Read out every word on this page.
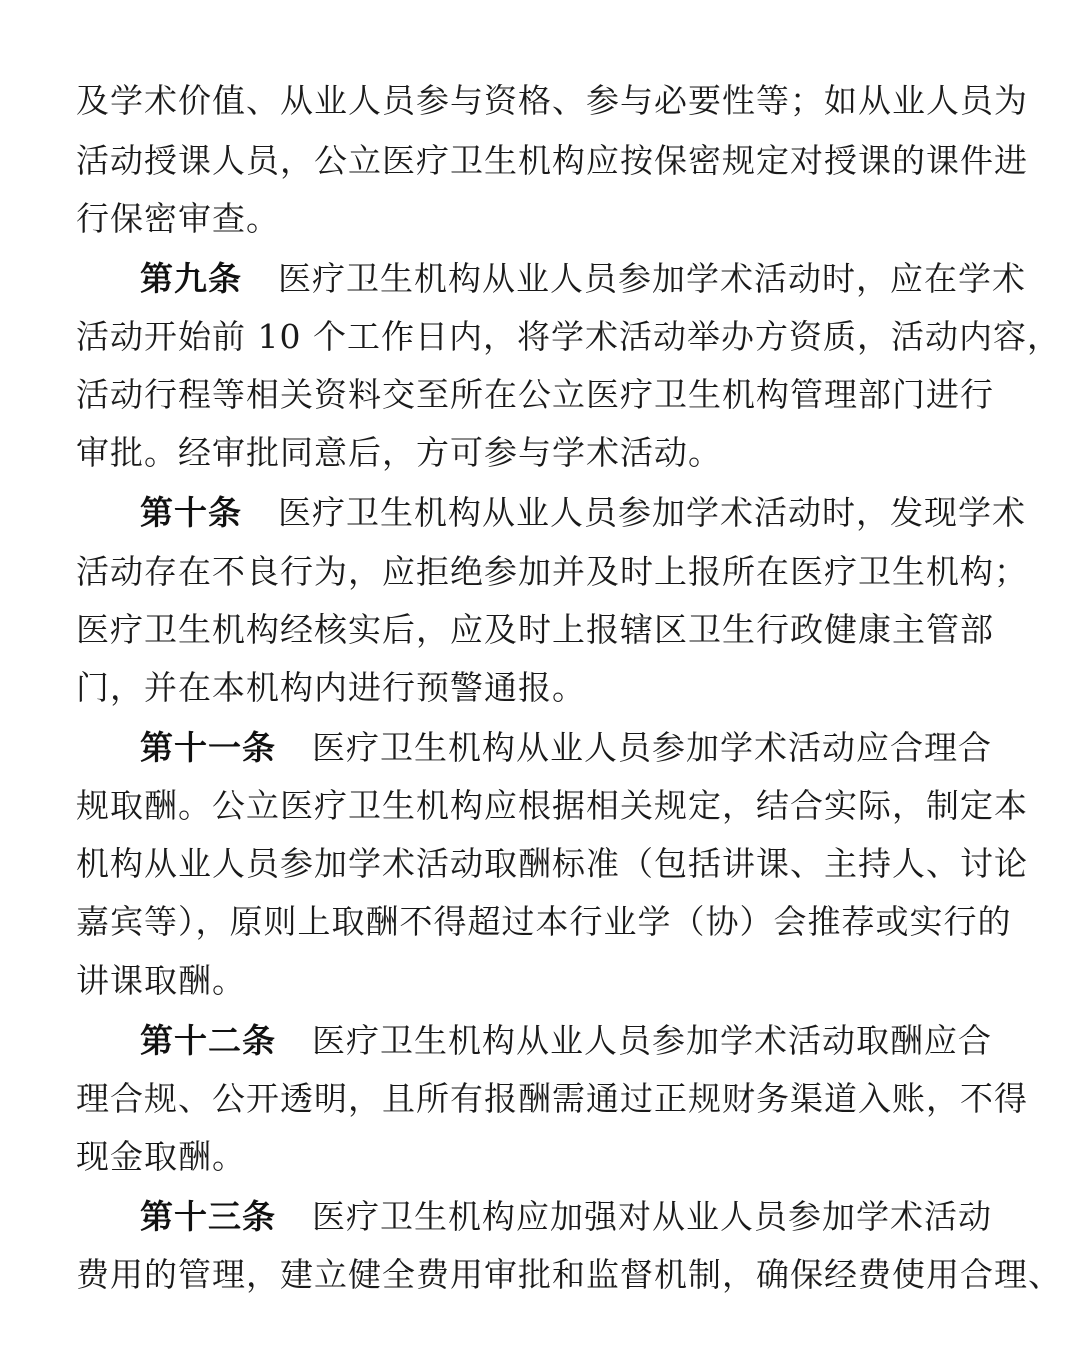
及学术价值、从业人员参与资格、参与必要性等；如从业人员为
活动授课人员，公立医疗卫生机构应按保密规定对授课的课件进
行保密审查。
第九条 医疗卫生机构从业人员参加学术活动时，应在学术
活动开始前 10 个工作日内，将学术活动举办方资质，活动内容，
活动行程等相关资料交至所在公立医疗卫生机构管理部门进行
审批。经审批同意后，方可参与学术活动。
第十条 医疗卫生机构从业人员参加学术活动时，发现学术
活动存在不良行为，应拒绝参加并及时上报所在医疗卫生机构；
医疗卫生机构经核实后，应及时上报辖区卫生行政健康主管部
门，并在本机构内进行预警通报。
第十一条 医疗卫生机构从业人员参加学术活动应合理合
规取酬。公立医疗卫生机构应根据相关规定，结合实际，制定本
机构从业人员参加学术活动取酬标准（包括讲课、主持人、讨论
嘉宾等），原则上取酬不得超过本行业学（协）会推荐或实行的
讲课取酬。
第十二条 医疗卫生机构从业人员参加学术活动取酬应合
理合规、公开透明，且所有报酬需通过正规财务渠道入账，不得
现金取酬。
第十三条 医疗卫生机构应加强对从业人员参加学术活动
费用的管理，建立健全费用审批和监督机制，确保经费使用合理、
